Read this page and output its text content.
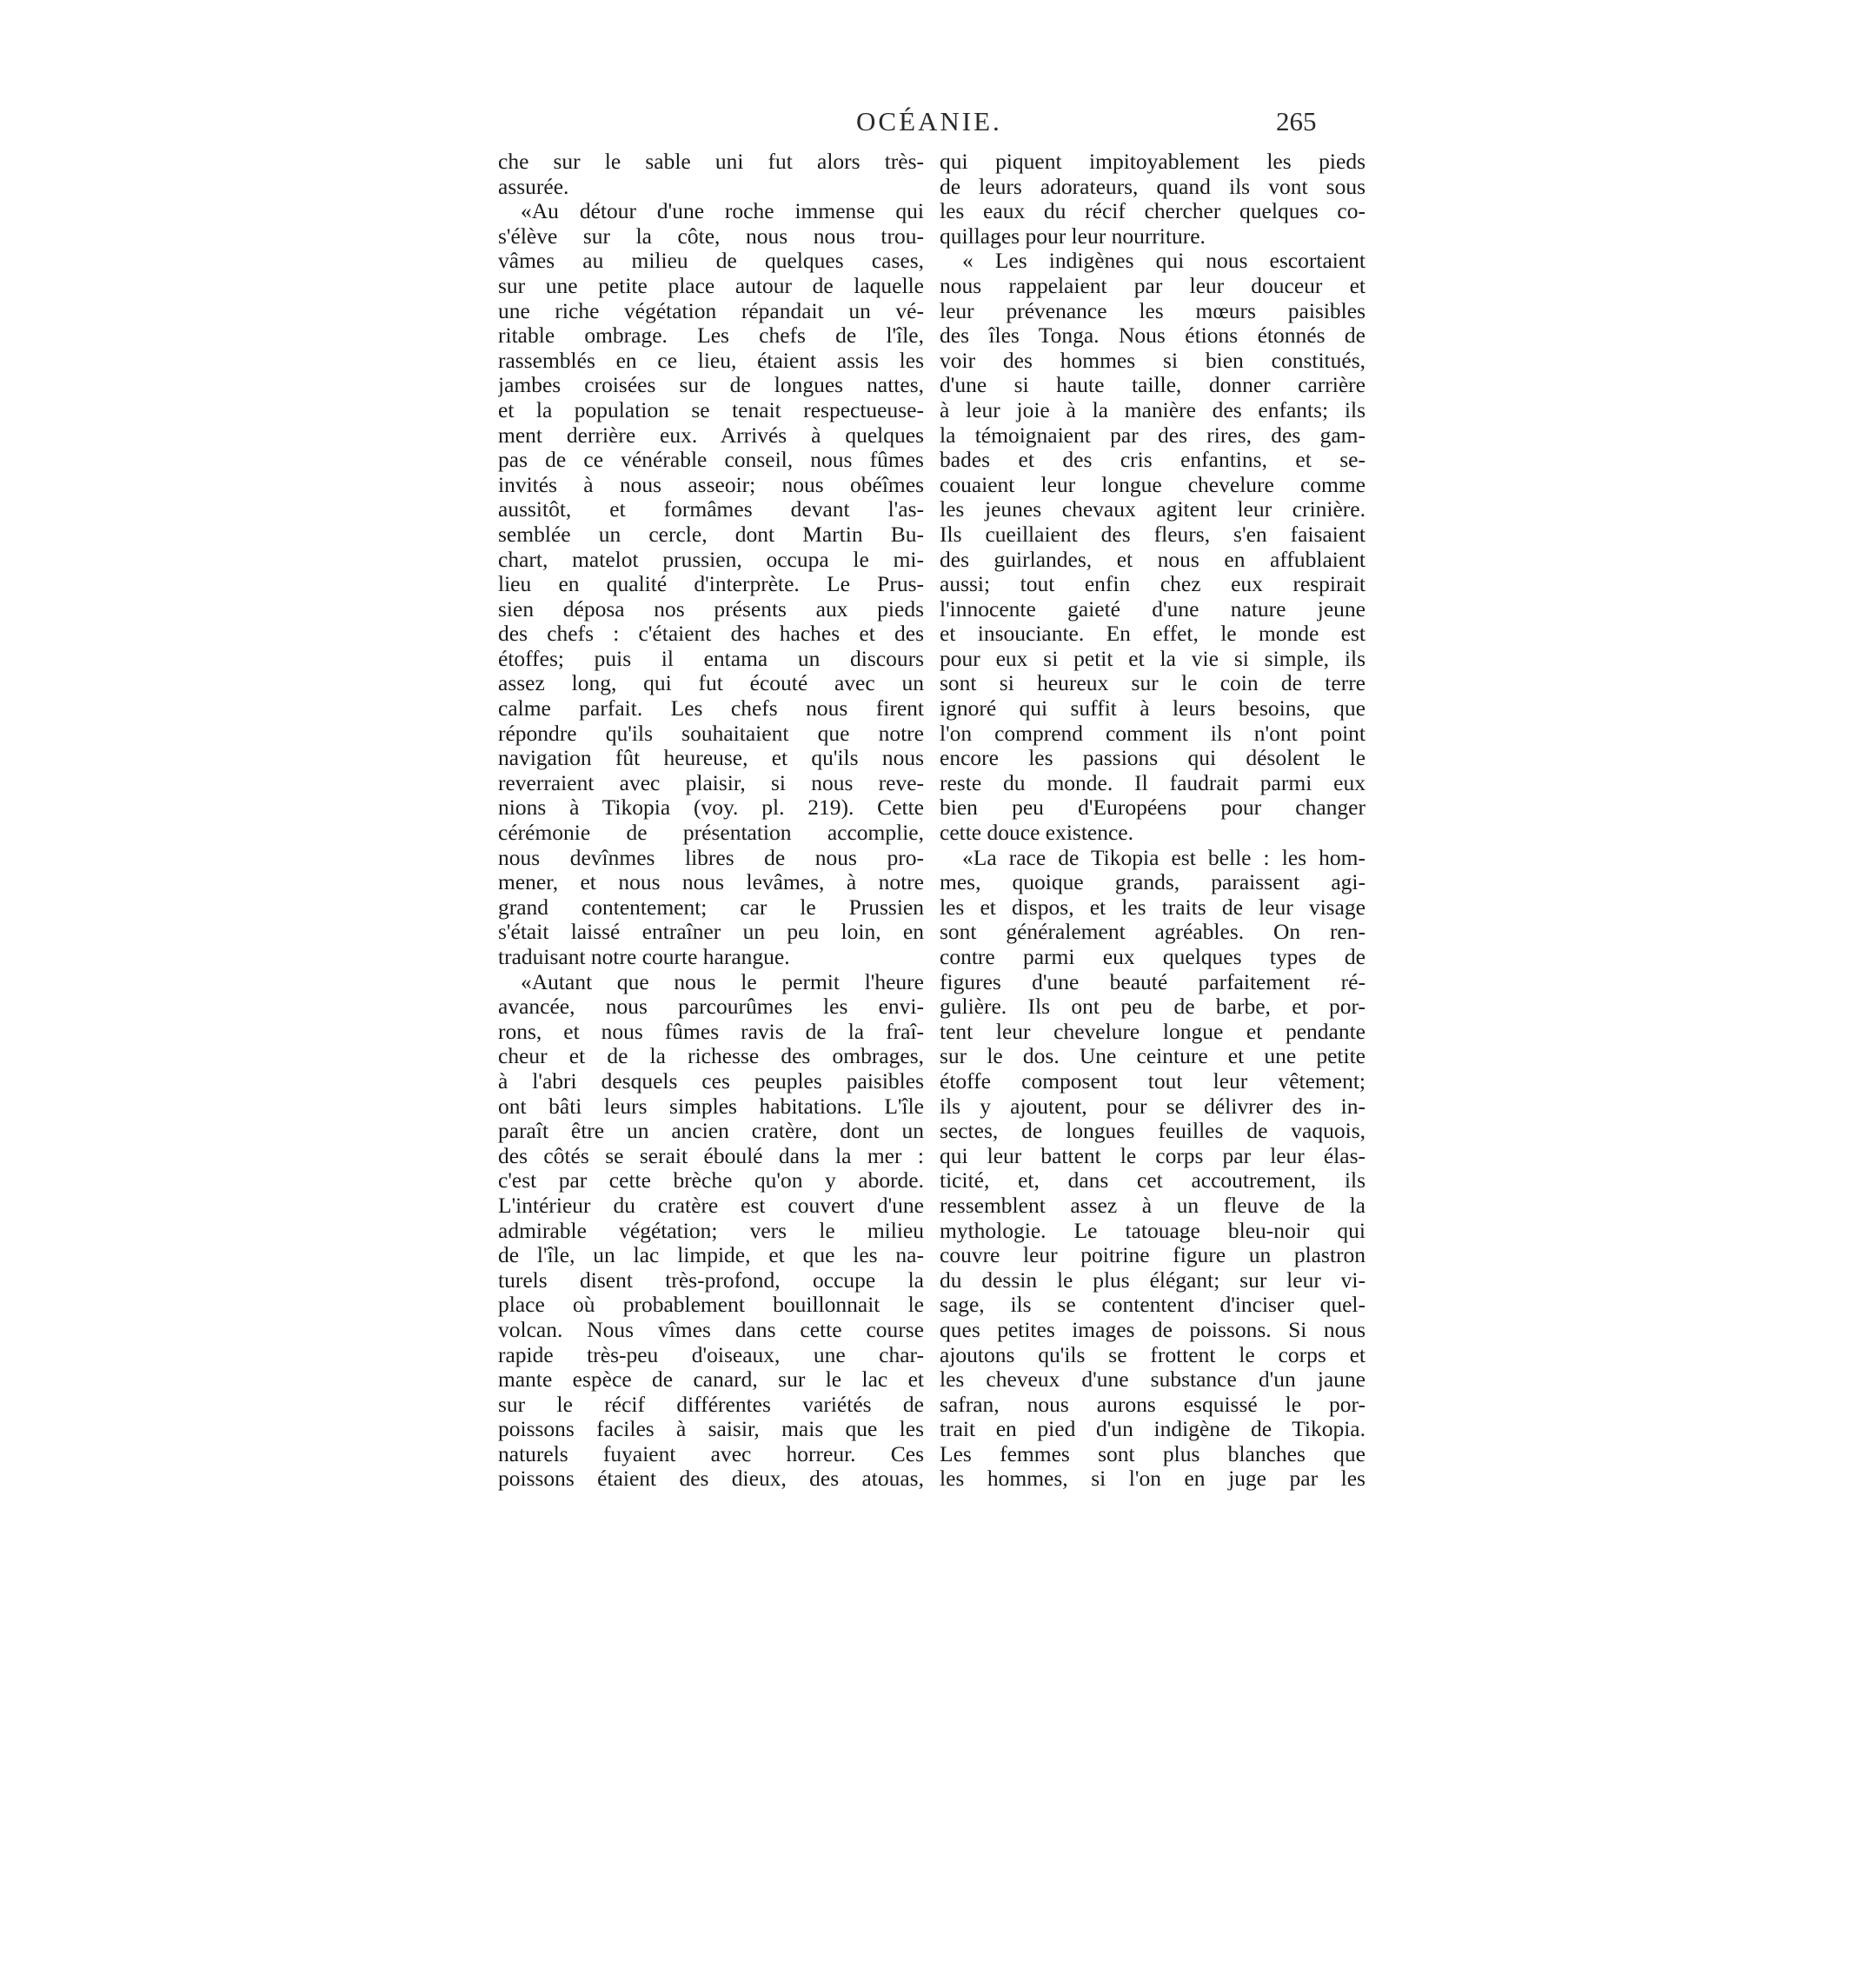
OCÉANIE.	265
che sur le sable uni fut alors très-
assurée.
«Au détour d'une roche immense qui
s'élève sur la côte, nous nous trou-
vâmes au milieu de quelques cases,
sur une petite place autour de laquelle
une riche végétation répandait un vé-
ritable ombrage. Les chefs de l'île,
rassemblés en ce lieu, étaient assis les
jambes croisées sur de longues nattes,
et la population se tenait respectueuse-
ment derrière eux. Arrivés à quelques
pas de ce vénérable conseil, nous fûmes
invités à nous asseoir; nous obéîmes
aussitôt, et formâmes devant l'as-
semblée un cercle, dont Martin Bu-
chart, matelot prussien, occupa le mi-
lieu en qualité d'interprète. Le Prus-
sien déposa nos présents aux pieds
des chefs : c'étaient des haches et des
étoffes; puis il entama un discours
assez long, qui fut écouté avec un
calme parfait. Les chefs nous firent
répondre qu'ils souhaitaient que notre
navigation fût heureuse, et qu'ils nous
reverraient avec plaisir, si nous reve-
nions à Tikopia (voy. pl. 219). Cette
cérémonie de présentation accomplie,
nous devînmes libres de nous pro-
mener, et nous nous levâmes, à notre
grand contentement; car le Prussien
s'était laissé entraîner un peu loin, en
traduisant notre courte harangue.
«Autant que nous le permit l'heure
avancée, nous parcourûmes les envi-
rons, et nous fûmes ravis de la fraî-
cheur et de la richesse des ombrages,
à l'abri desquels ces peuples paisibles
ont bâti leurs simples habitations. L'île
paraît être un ancien cratère, dont un
des côtés se serait éboulé dans la mer :
c'est par cette brèche qu'on y aborde.
L'intérieur du cratère est couvert d'une
admirable végétation; vers le milieu
de l'île, un lac limpide, et que les na-
turels disent très-profond, occupe la
place où probablement bouillonnait le
volcan. Nous vîmes dans cette course
rapide très-peu d'oiseaux, une char-
mante espèce de canard, sur le lac et
sur le récif différentes variétés de
poissons faciles à saisir, mais que les
naturels fuyaient avec horreur. Ces
poissons étaient des dieux, des atouas,
qui piquent impitoyablement les pieds
de leurs adorateurs, quand ils vont sous
les eaux du récif chercher quelques co-
quillages pour leur nourriture.
« Les indigènes qui nous escortaient
nous rappelaient par leur douceur et
leur prévenance les mœurs paisibles
des îles Tonga. Nous étions étonnés de
voir des hommes si bien constitués,
d'une si haute taille, donner carrière
à leur joie à la manière des enfants; ils
la témoignaient par des rires, des gam-
bades et des cris enfantins, et se-
couaient leur longue chevelure comme
les jeunes chevaux agitent leur crinière.
Ils cueillaient des fleurs, s'en faisaient
des guirlandes, et nous en affublaient
aussi; tout enfin chez eux respirait
l'innocente gaieté d'une nature jeune
et insouciante. En effet, le monde est
pour eux si petit et la vie si simple, ils
sont si heureux sur le coin de terre
ignoré qui suffit à leurs besoins, que
l'on comprend comment ils n'ont point
encore les passions qui désolent le
reste du monde. Il faudrait parmi eux
bien peu d'Européens pour changer
cette douce existence.
«La race de Tikopia est belle : les hom-
mes, quoique grands, paraissent agi-
les et dispos, et les traits de leur visage
sont généralement agréables. On ren-
contre parmi eux quelques types de
figures d'une beauté parfaitement ré-
gulière. Ils ont peu de barbe, et por-
tent leur chevelure longue et pendante
sur le dos. Une ceinture et une petite
étoffe composent tout leur vêtement;
ils y ajoutent, pour se délivrer des in-
sectes, de longues feuilles de vaquois,
qui leur battent le corps par leur élas-
ticité, et, dans cet accoutrement, ils
ressemblent assez à un fleuve de la
mythologie. Le tatouage bleu-noir qui
couvre leur poitrine figure un plastron
du dessin le plus élégant; sur leur vi-
sage, ils se contentent d'inciser quel-
ques petites images de poissons. Si nous
ajoutons qu'ils se frottent le corps et
les cheveux d'une substance d'un jaune
safran, nous aurons esquissé le por-
trait en pied d'un indigène de Tikopia.
Les femmes sont plus blanches que
les hommes, si l'on en juge par les
